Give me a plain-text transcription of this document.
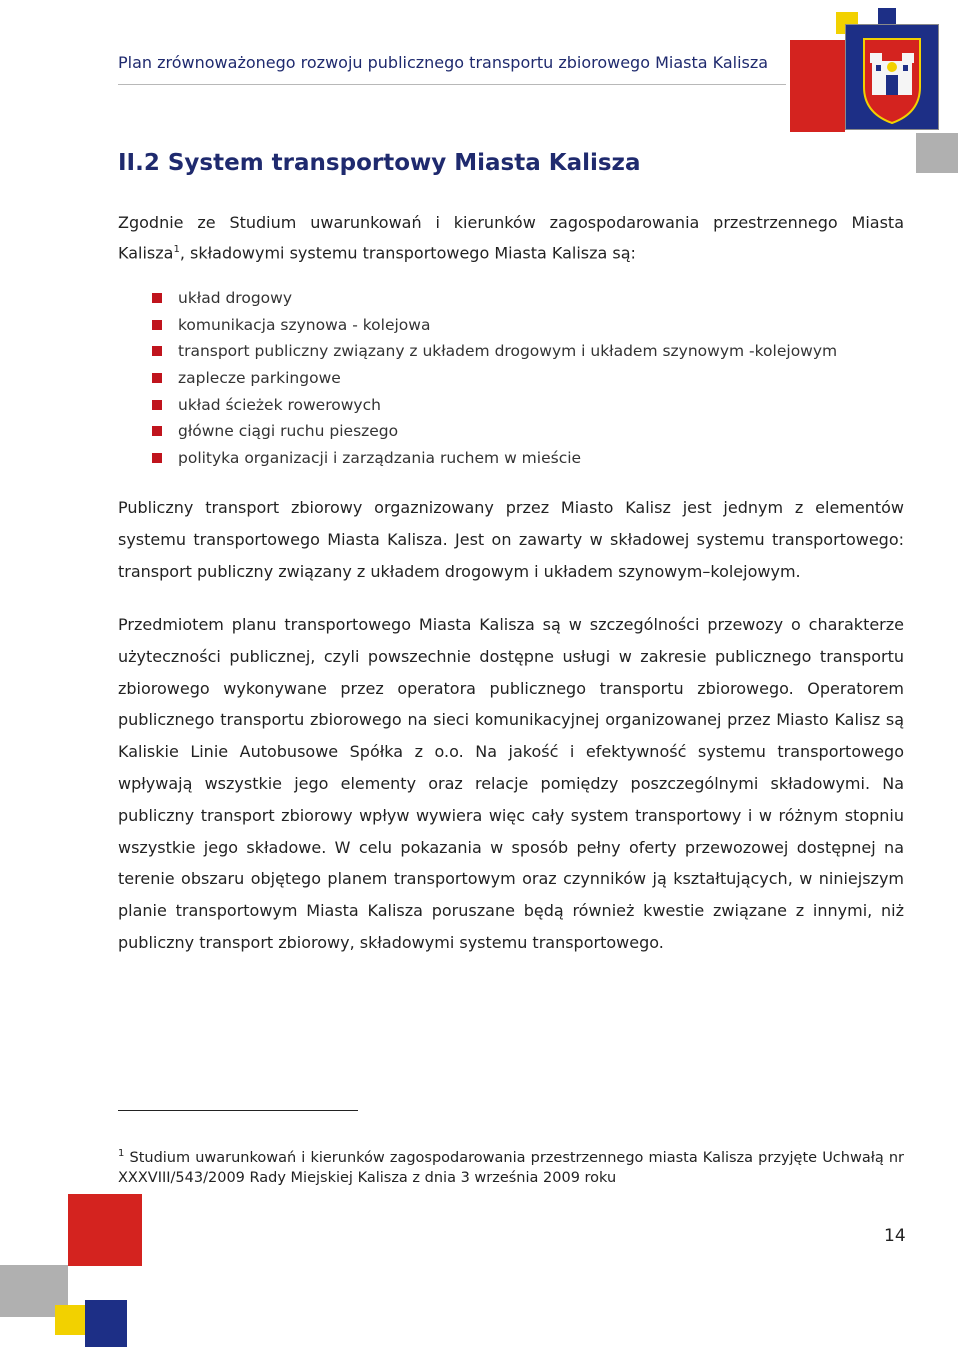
Plan zrównoważonego rozwoju publicznego transportu zbiorowego Miasta Kalisza
II.2 System transportowy Miasta Kalisza
Zgodnie ze Studium uwarunkowań i kierunków zagospodarowania przestrzennego Miasta Kalisza$^1$, składowymi systemu transportowego Miasta Kalisza są:
układ drogowy
komunikacja szynowa - kolejowa
transport publiczny związany z układem drogowym i układem szynowym -kolejowym
zaplecze parkingowe
układ ścieżek rowerowych
główne ciągi ruchu pieszego
polityka organizacji i zarządzania ruchem w mieście
Publiczny transport zbiorowy orgaznizowany przez Miasto Kalisz jest jednym z elementów systemu transportowego Miasta Kalisza. Jest on zawarty w składowej systemu transportowego: transport publiczny związany z układem drogowym i układem szynowym–kolejowym.
Przedmiotem planu transportowego Miasta Kalisza są w szczególności przewozy o charakterze użyteczności publicznej, czyli powszechnie dostępne usługi w zakresie publicznego transportu zbiorowego wykonywane przez operatora publicznego transportu zbiorowego. Operatorem publicznego transportu zbiorowego na sieci komunikacyjnej organizowanej przez Miasto Kalisz są Kaliskie Linie Autobusowe Spółka z o.o. Na jakość i efektywność systemu transportowego wpływają wszystkie jego elementy oraz relacje pomiędzy poszczególnymi składowymi. Na publiczny transport zbiorowy wpływ wywiera więc cały system transportowy i w różnym stopniu wszystkie jego składowe. W celu pokazania w sposób pełny oferty przewozowej dostępnej na terenie obszaru objętego planem transportowym oraz czynników ją kształtujących, w niniejszym planie transportowym Miasta Kalisza poruszane będą również kwestie związane z innymi, niż publiczny transport zbiorowy, składowymi systemu transportowego.
$^1$ Studium uwarunkowań i kierunków zagospodarowania przestrzennego miasta Kalisza przyjęte Uchwałą nr XXXVIII/543/2009 Rady Miejskiej Kalisza z dnia 3 września 2009 roku
14
